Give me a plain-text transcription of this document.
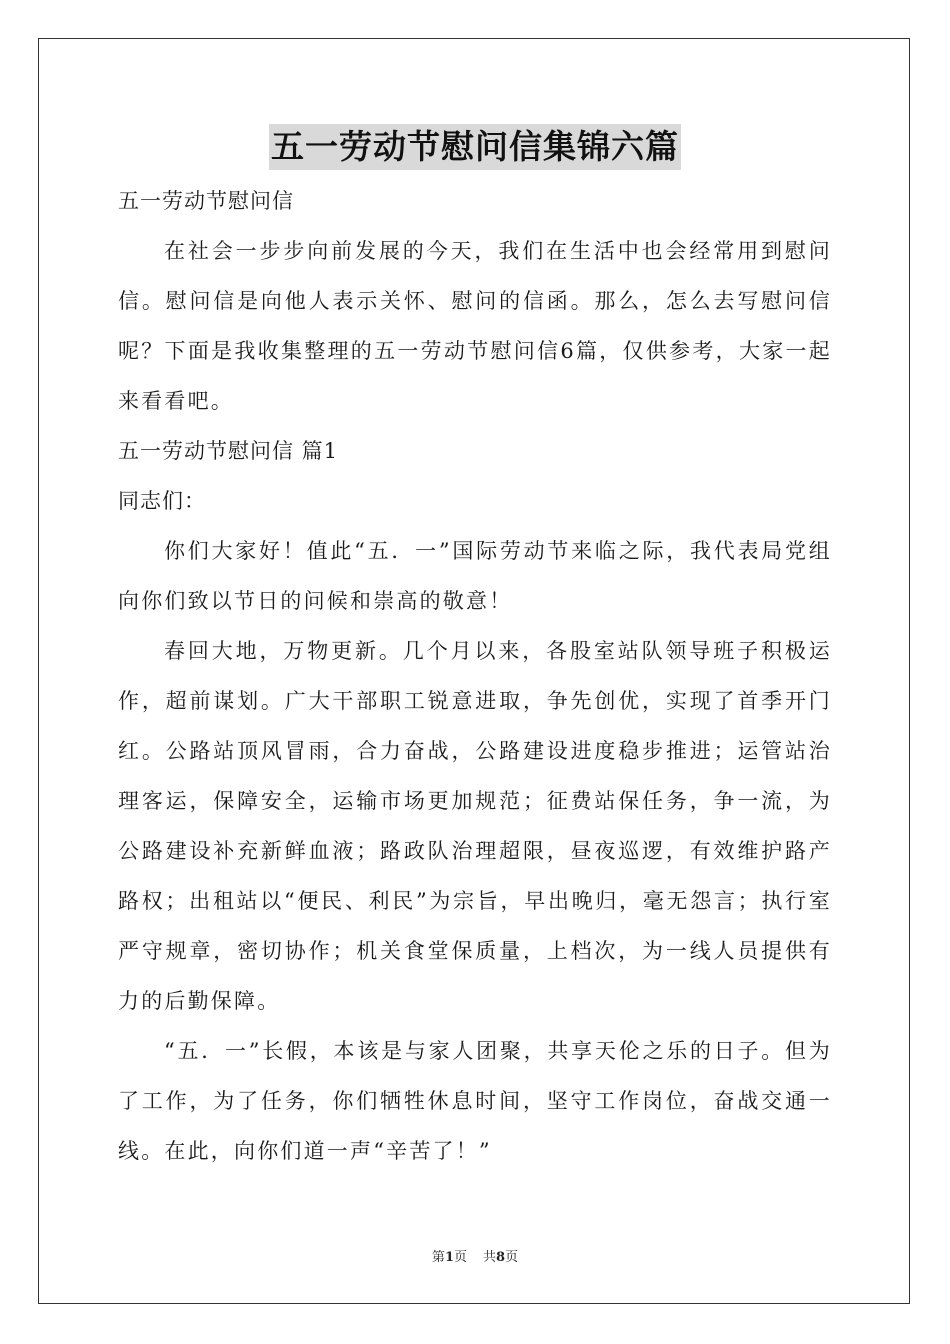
五一劳动节慰问信集锦六篇

五一劳动节慰问信

在社会一步步向前发展的今天，我们在生活中也会经常用到慰问信。慰问信是向他人表示关怀、慰问的信函。那么，怎么去写慰问信呢？下面是我收集整理的五一劳动节慰问信6篇，仅供参考，大家一起来看看吧。

五一劳动节慰问信 篇1

同志们：

你们大家好！值此“五．一”国际劳动节来临之际，我代表局党组向你们致以节日的问候和崇高的敬意！

春回大地，万物更新。几个月以来，各股室站队领导班子积极运作，超前谋划。广大干部职工锐意进取，争先创优，实现了首季开门红。公路站顶风冒雨，合力奋战，公路建设进度稳步推进；运管站治理客运，保障安全，运输市场更加规范；征费站保任务，争一流，为公路建设补充新鲜血液；路政队治理超限，昼夜巡逻，有效维护路产路权；出租站以“便民、利民”为宗旨，早出晚归，毫无怨言；执行室严守规章，密切协作；机关食堂保质量，上档次，为一线人员提供有力的后勤保障。

“五．一”长假，本该是与家人团聚，共享天伦之乐的日子。但为了工作，为了任务，你们牺牲休息时间，坚守工作岗位，奋战交通一线。在此，向你们道一声“辛苦了！”

第1页 共8页
